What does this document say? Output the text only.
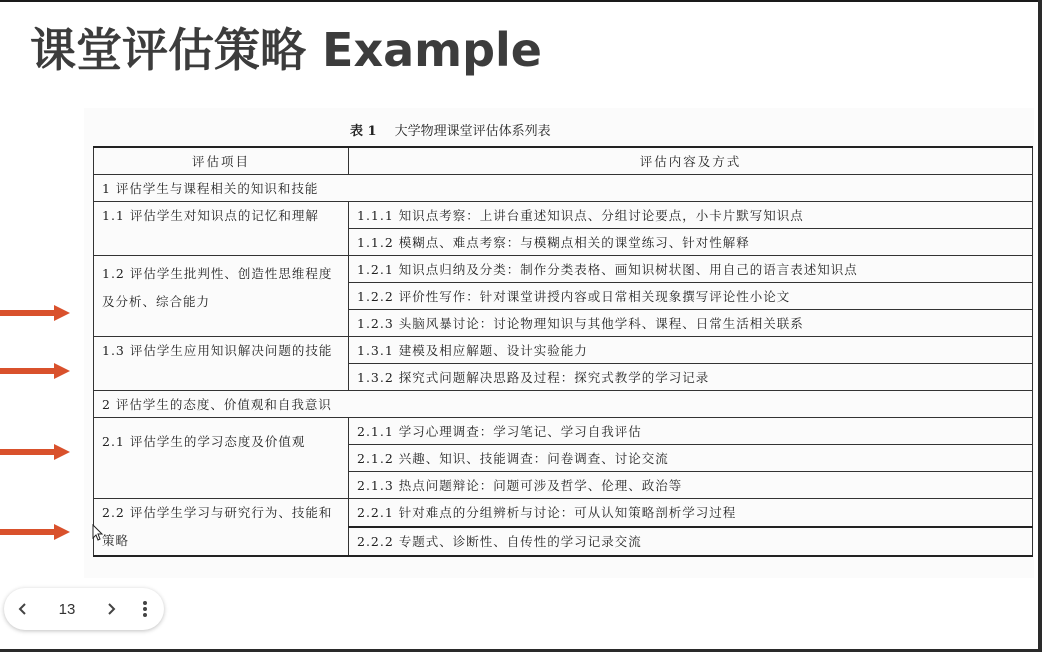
课堂评估策略 Example
表 1 大学物理课堂评估体系列表
评估项目	评估内容及方式
1 评估学生与课程相关的知识和技能	
1.1 评估学生对知识点的记忆和理解	1.1.1 知识点考察：上讲台重述知识点、分组讨论要点，小卡片默写知识点
	1.1.2 模糊点、难点考察：与模糊点相关的课堂练习、针对性解释
1.2 评估学生批判性、创造性思维程度及分析、综合能力	1.2.1 知识点归纳及分类：制作分类表格、画知识树状图、用自己的语言表述知识点
	1.2.2 评价性写作：针对课堂讲授内容或日常相关现象撰写评论性小论文
	1.2.3 头脑风暴讨论：讨论物理知识与其他学科、课程、日常生活相关联系
1.3 评估学生应用知识解决问题的技能	1.3.1 建模及相应解题、设计实验能力
	1.3.2 探究式问题解决思路及过程：探究式教学的学习记录
2 评估学生的态度、价值观和自我意识	
2.1 评估学生的学习态度及价值观	2.1.1 学习心理调查：学习笔记、学习自我评估
	2.1.2 兴趣、知识、技能调查：问卷调查、讨论交流
	2.1.3 热点问题辩论：问题可涉及哲学、伦理、政治等
2.2 评估学生学习与研究行为、技能和策略	2.2.1 针对难点的分组辨析与讨论：可从认知策略剖析学习过程
	2.2.2 专题式、诊断性、自传性的学习记录交流
13
